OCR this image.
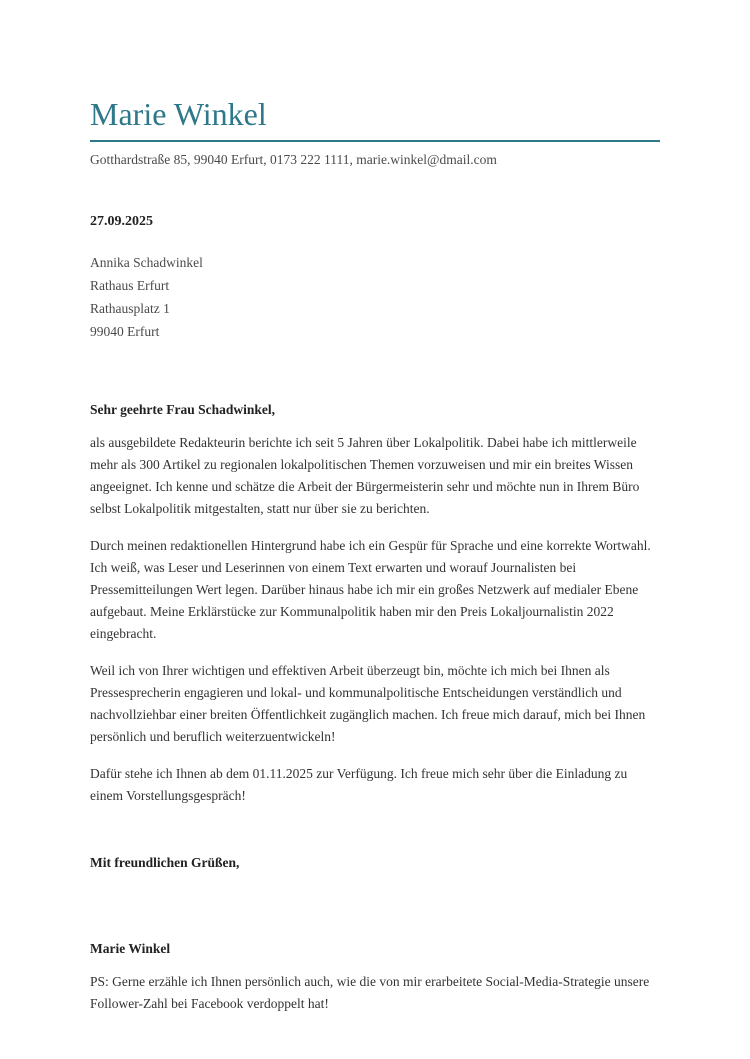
Marie Winkel
Gotthardstraße 85, 99040 Erfurt, 0173 222 1111, marie.winkel@dmail.com
27.09.2025
Annika Schadwinkel
Rathaus Erfurt
Rathausplatz 1
99040 Erfurt
Sehr geehrte Frau Schadwinkel,

als ausgebildete Redakteurin berichte ich seit 5 Jahren über Lokalpolitik. Dabei habe ich mittlerweile mehr als 300 Artikel zu regionalen lokalpolitischen Themen vorzuweisen und mir ein breites Wissen angeeignet. Ich kenne und schätze die Arbeit der Bürgermeisterin sehr und möchte nun in Ihrem Büro selbst Lokalpolitik mitgestalten, statt nur über sie zu berichten.

Durch meinen redaktionellen Hintergrund habe ich ein Gespür für Sprache und eine korrekte Wortwahl. Ich weiß, was Leser und Leserinnen von einem Text erwarten und worauf Journalisten bei Pressemitteilungen Wert legen. Darüber hinaus habe ich mir ein großes Netzwerk auf medialer Ebene aufgebaut. Meine Erklärstücke zur Kommunalpolitik haben mir den Preis Lokaljournalistin 2022 eingebracht.

Weil ich von Ihrer wichtigen und effektiven Arbeit überzeugt bin, möchte ich mich bei Ihnen als Pressesprecherin engagieren und lokal- und kommunalpolitische Entscheidungen verständlich und nachvollziehbar einer breiten Öffentlichkeit zugänglich machen. Ich freue mich darauf, mich bei Ihnen persönlich und beruflich weiterzuentwickeln!

Dafür stehe ich Ihnen ab dem 01.11.2025 zur Verfügung. Ich freue mich sehr über die Einladung zu einem Vorstellungsgespräch!

Mit freundlichen Grüßen,
Marie Winkel

PS: Gerne erzähle ich Ihnen persönlich auch, wie die von mir erarbeitete Social-Media-Strategie unsere Follower-Zahl bei Facebook verdoppelt hat!
